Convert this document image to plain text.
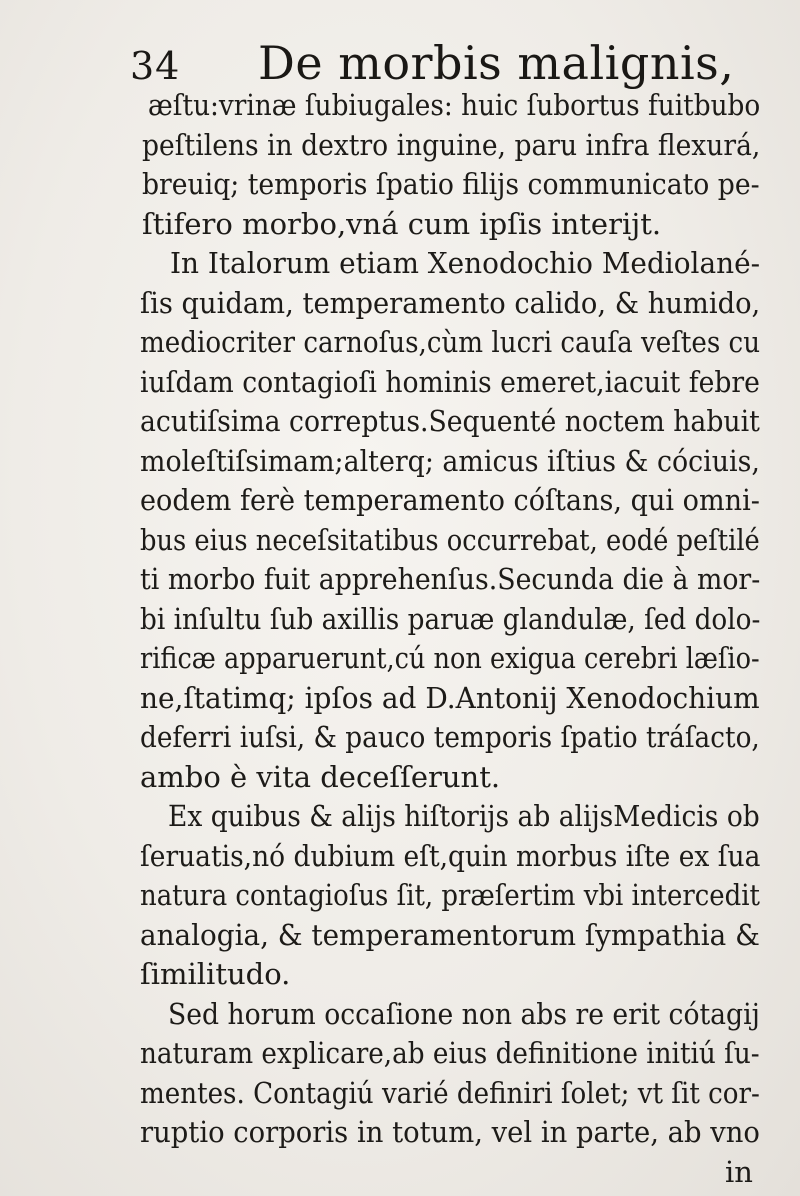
34 De morbis malignis,
æſtu:vrinæ ſubiugales: huic ſubortus fuitbubo
peſtilens in dextro inguine, paru infra flexurá,
breuiq; temporis ſpatio filijs communicato pe-
ſtifero morbo,vná cum ipſis interijt.
In Italorum etiam Xenodochio Mediolané-
ſis quidam, temperamento calido, & humido,
mediocriter carnoſus,cùm lucri cauſa veſtes cu
iuſdam contagioſi hominis emeret,iacuit febre
acutiſsima correptus.Sequenté noctem habuit
moleſtiſsimam;alterq; amicus iſtius & cóciuis,
eodem ferè temperamento cóſtans, qui omni-
bus eius neceſsitatibus occurrebat, eodé peſtilé
ti morbo fuit apprehenſus.Secunda die à mor-
bi inſultu ſub axillis paruæ glandulæ, ſed dolo-
rificæ apparuerunt,cú non exigua cerebri læſio-
ne,ſtatimq; ipſos ad D.Antonij Xenodochium
deferri iuſsi, & pauco temporis ſpatio tráſacto,
ambo è vita deceſſerunt.
Ex quibus & alijs hiſtorijs ab alijsMedicis ob
ſeruatis,nó dubium eſt,quin morbus iſte ex ſua
natura contagioſus ſit, præſertim vbi intercedit
analogia, & temperamentorum ſympathia &
ſimilitudo.
Sed horum occaſione non abs re erit cótagij
naturam explicare,ab eius definitione initiú ſu-
mentes. Contagiú varié definiri ſolet; vt ſit cor-
ruptio corporis in totum, vel in parte, ab vno
in
